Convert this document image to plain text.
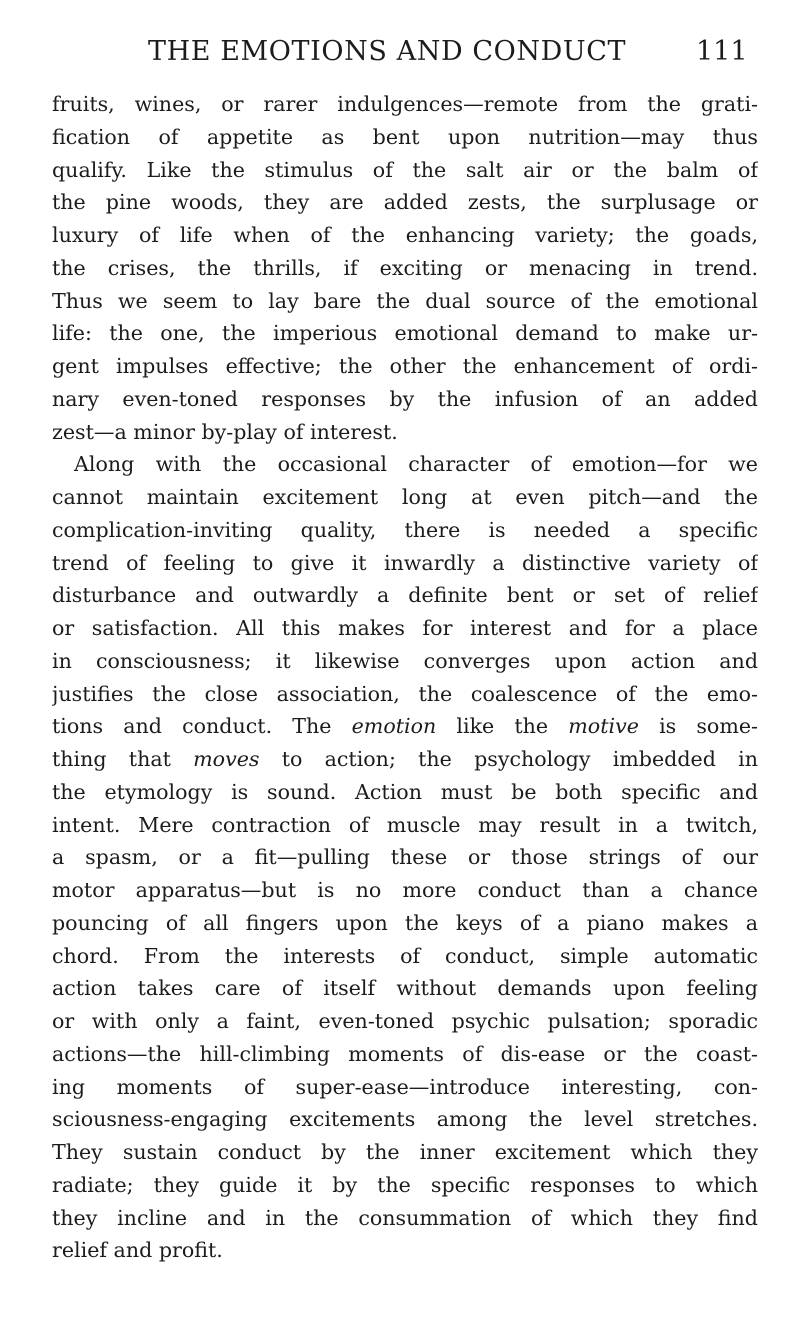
THE EMOTIONS AND CONDUCT	111
fruits, wines, or rarer indulgences—remote from the grati-
fication of appetite as bent upon nutrition—may thus
qualify. Like the stimulus of the salt air or the balm of
the pine woods, they are added zests, the surplusage or
luxury of life when of the enhancing variety; the goads,
the crises, the thrills, if exciting or menacing in trend.
Thus we seem to lay bare the dual source of the emotional
life: the one, the imperious emotional demand to make ur-
gent impulses effective; the other the enhancement of ordi-
nary even-toned responses by the infusion of an added
zest—a minor by-play of interest.
Along with the occasional character of emotion—for we
cannot maintain excitement long at even pitch—and the
complication-inviting quality, there is needed a specific
trend of feeling to give it inwardly a distinctive variety of
disturbance and outwardly a definite bent or set of relief
or satisfaction. All this makes for interest and for a place
in consciousness; it likewise converges upon action and
justifies the close association, the coalescence of the emo-
tions and conduct. The emotion like the motive is some-
thing that moves to action; the psychology imbedded in
the etymology is sound. Action must be both specific and
intent. Mere contraction of muscle may result in a twitch,
a spasm, or a fit—pulling these or those strings of our
motor apparatus—but is no more conduct than a chance
pouncing of all fingers upon the keys of a piano makes a
chord. From the interests of conduct, simple automatic
action takes care of itself without demands upon feeling
or with only a faint, even-toned psychic pulsation; sporadic
actions—the hill-climbing moments of dis-ease or the coast-
ing moments of super-ease—introduce interesting, con-
sciousness-engaging excitements among the level stretches.
They sustain conduct by the inner excitement which they
radiate; they guide it by the specific responses to which
they incline and in the consummation of which they find
relief and profit.
